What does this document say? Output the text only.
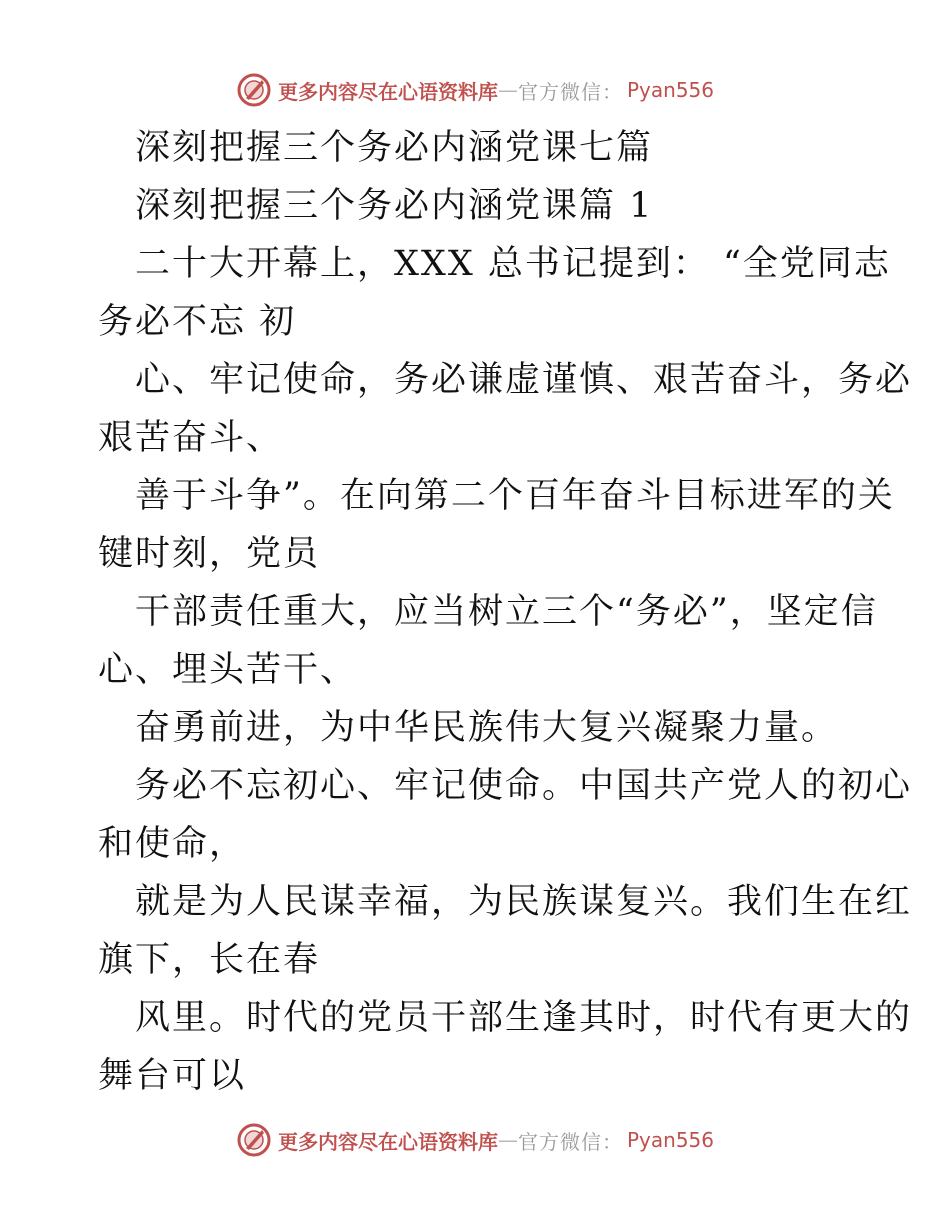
更多内容尽在心语资料库 — 官方微信： Pyan556
深刻把握三个务必内涵党课七篇
深刻把握三个务必内涵党课篇 1
二十大开幕上，XXX 总书记提到： “全党同志
务必不忘 初
心、牢记使命，务必谦虚谨慎、艰苦奋斗，务必
艰苦奋斗、
善于斗争”。在向第二个百年奋斗目标进军的关
键时刻，党员
干部责任重大，应当树立三个“务必”，坚定信
心、埋头苦干、
奋勇前进，为中华民族伟大复兴凝聚力量。
务必不忘初心、牢记使命。中国共产党人的初心
和使命，
就是为人民谋幸福，为民族谋复兴。我们生在红
旗下，长在春
风里。时代的党员干部生逢其时，时代有更大的
舞台可以
更多内容尽在心语资料库 — 官方微信： Pyan556
